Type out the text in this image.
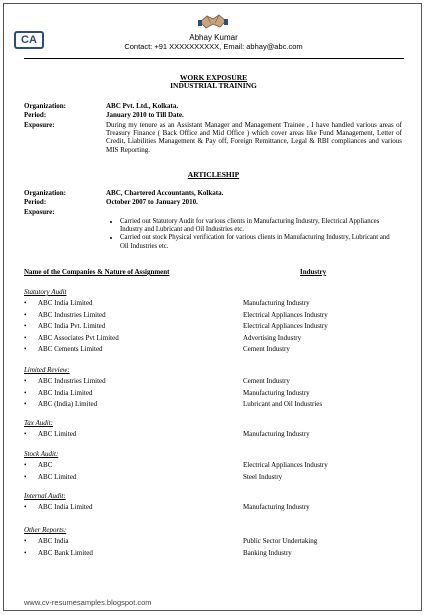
CA	Abhay Kumar
Contact: +91 XXXXXXXXXX, Email: abhay@abc.com
WORK EXPOSURE
INDUSTRIAL TRAINING
Organization:	ABC Pvt. Ltd., Kolkata.
Period:	January 2010 to Till Date.
Exposure:	During my tenure as an Assistant Manager and Management Trainee , I have handled various areas of Treasury Finance ( Back Office and Mid Office ) which cover areas like Fund Management, Letter of Credit, Liabilities Management & Pay off, Foreign Remittance, Legal & RBI compliances and various MIS Reporting.
ARTICLESHIP
Organization:	ABC, Chartered Accountants, Kolkata.
Period:	October 2007 to January 2010.
Exposure:
• Carried out Statutory Audit for various clients in Manufacturing Industry, Electrical Appliances Industry and Lubricant and Oil Industries etc.
• Carried out stock Physical verification for various clients in Manufacturing Industry, Lubricant and Oil Industries etc.
Name of the Companies & Nature of Assignment	Industry
Statutory Audit
ABC India Limited	Manufacturing Industry
ABC Industries Limited	Electrical Appliances Industry
ABC India Pvt. Limited	Electrical Appliances Industry
ABC Associates Pvt Limited	Advertising Industry
ABC Cements Limited	Cement Industry
Limited Review:
ABC Industries Limited	Cement Industry
ABC India Limited	Manufacturing Industry
ABC (India) Limited	Lubricant and Oil Industries
Tax Audit:
ABC Limited	Manufacturing Industry
Stock Audit:
ABC	Electrical Appliances Industry
ABC Limited	Steel Industry
Internal Audit:
ABC India Limited	Manufacturing Industry
Other Reports:
ABC India	Public Sector Undertaking
ABC Bank Limited	Banking Industry
www.cv-resumesamples.blogspot.com
